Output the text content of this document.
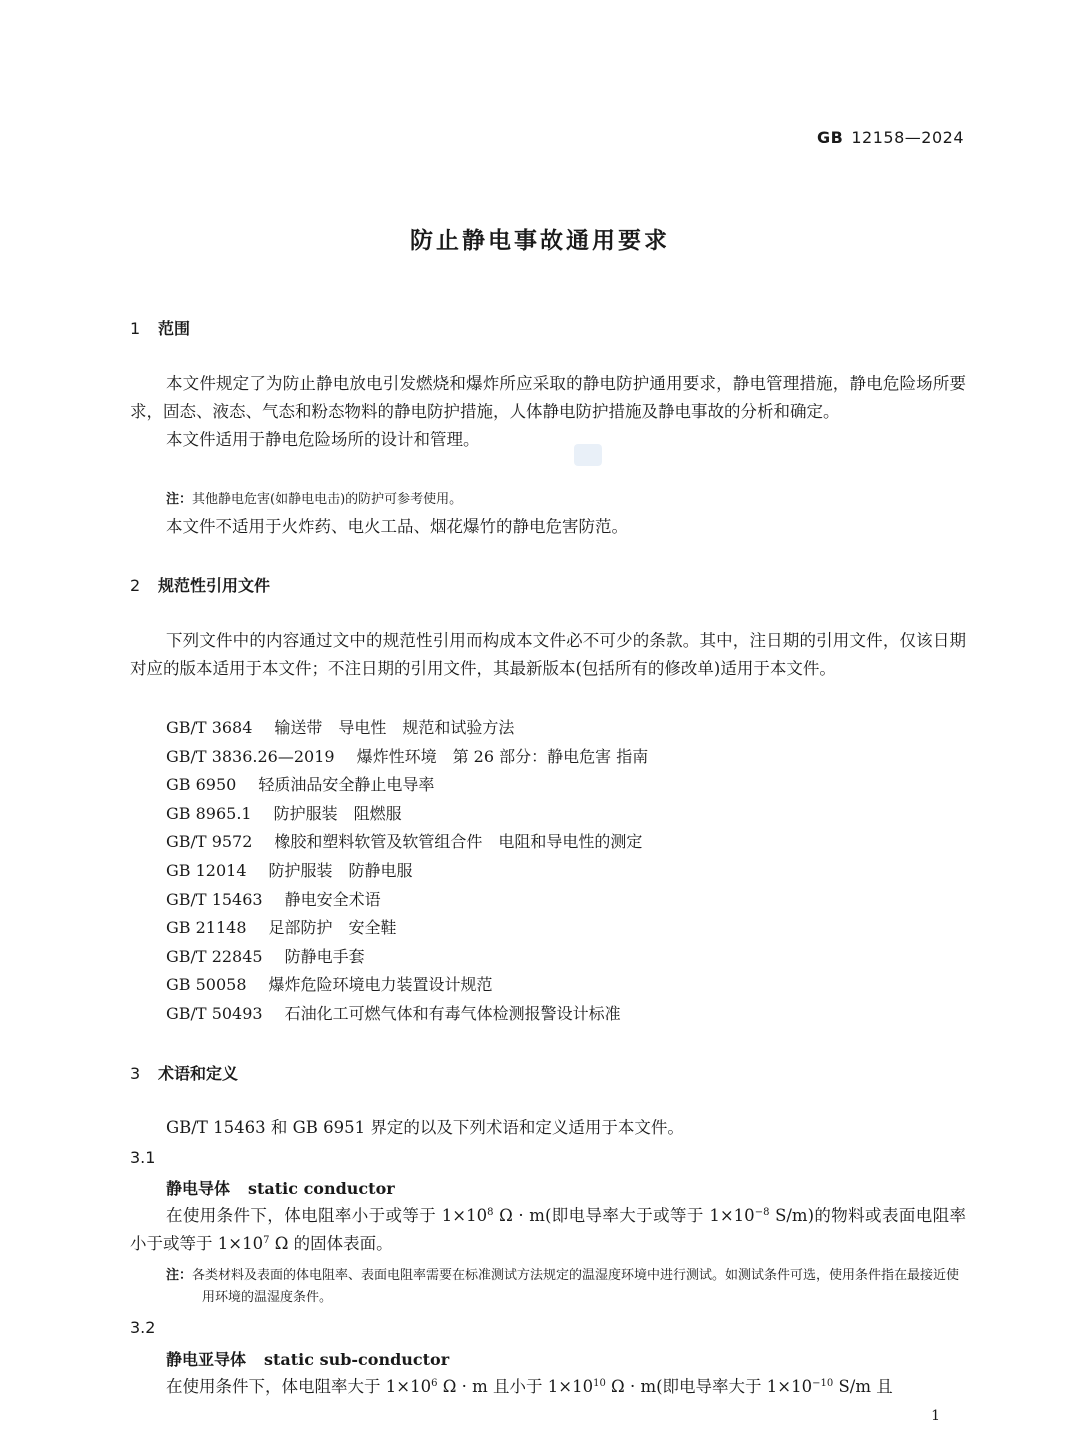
GB 12158—2024
防止静电事故通用要求
1 范围

本文件规定了为防止静电放电引发燃烧和爆炸所应采取的静电防护通用要求，静电管理措施，静电危险场所要求，固态、液态、气态和粉态物料的静电防护措施，人体静电防护措施及静电事故的分析和确定。

本文件适用于静电危险场所的设计和管理。

注：其他静电危害(如静电电击)的防护可参考使用。

本文件不适用于火炸药、电火工品、烟花爆竹的静电危害防范。

2 规范性引用文件

下列文件中的内容通过文中的规范性引用而构成本文件必不可少的条款。其中，注日期的引用文件，仅该日期对应的版本适用于本文件；不注日期的引用文件，其最新版本(包括所有的修改单)适用于本文件。

GB/T 3684 输送带　导电性　规范和试验方法
GB/T 3836.26—2019 爆炸性环境　第 26 部分：静电危害 指南
GB 6950 轻质油品安全静止电导率
GB 8965.1 防护服装　阻燃服
GB/T 9572 橡胶和塑料软管及软管组合件　电阻和导电性的测定
GB 12014 防护服装　防静电服
GB/T 15463 静电安全术语
GB 21148 足部防护　安全鞋
GB/T 22845 防静电手套
GB 50058 爆炸危险环境电力装置设计规范
GB/T 50493 石油化工可燃气体和有毒气体检测报警设计标准
3 术语和定义

GB/T 15463 和 GB 6951 界定的以及下列术语和定义适用于本文件。

3.1
静电导体 static conductor

在使用条件下，体电阻率小于或等于 $1\times 10^8$ Ω · m(即电导率大于或等于 $1\times 10^{-8}$ S/m)的物料或表面电阻率小于或等于 $1\times 10^7$ Ω 的固体表面。

注：各类材料及表面的体电阻率、表面电阻率需要在标准测试方法规定的温湿度环境中进行测试。如测试条件可选，使用条件指在最接近使用环境的温湿度条件。
3.2
静电亚导体 static sub-conductor

在使用条件下，体电阻率大于 $1\times 10^6$ Ω · m 且小于 $1\times 10^{10}$ Ω · m(即电导率大于 $1\times 10^{-10}$ S/m 且

1
